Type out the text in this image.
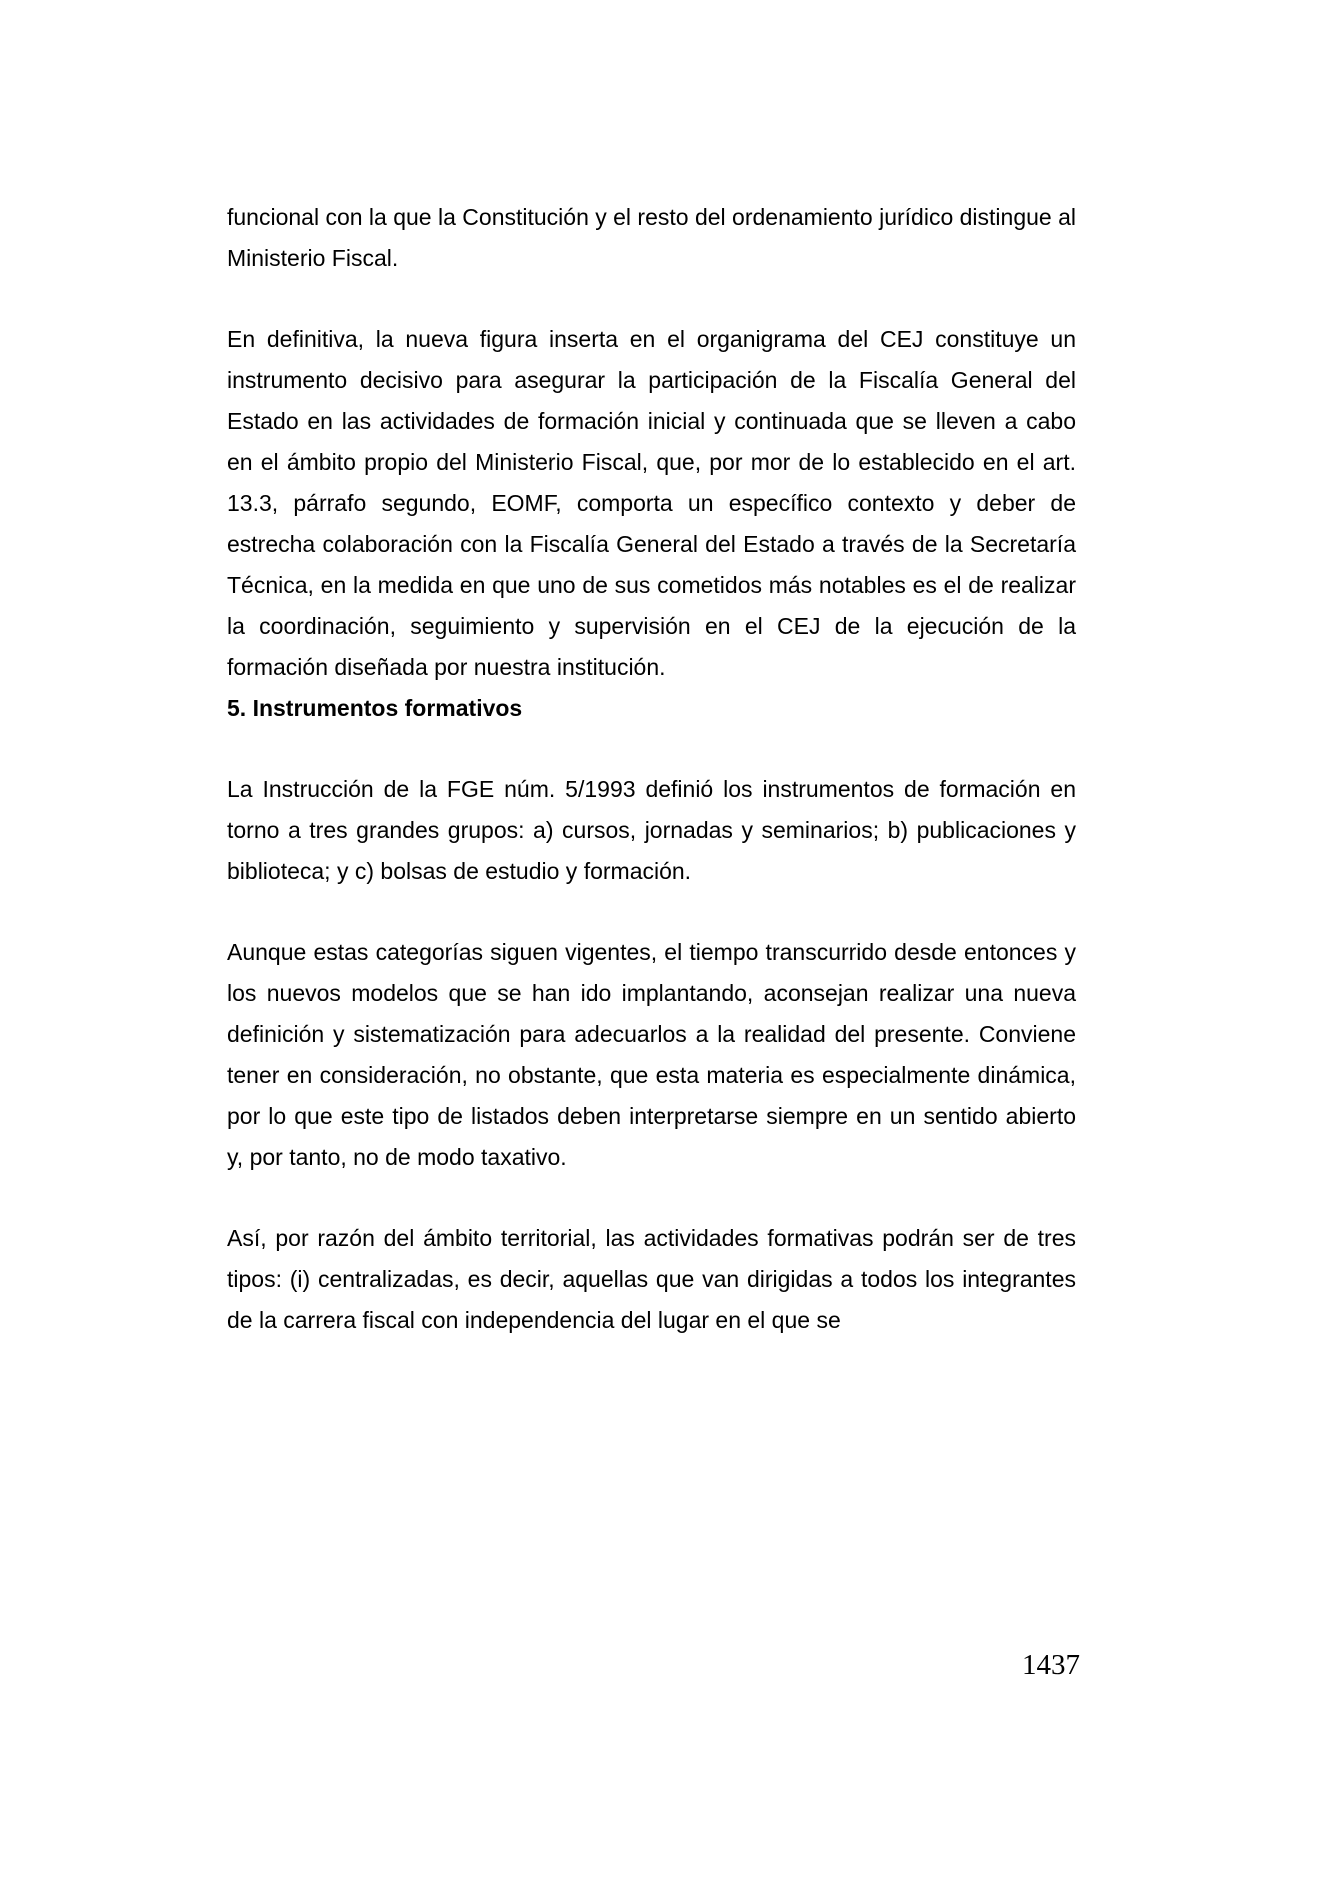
funcional con la que la Constitución y el resto del ordenamiento jurídico distingue al Ministerio Fiscal.

En definitiva, la nueva figura inserta en el organigrama del CEJ constituye un instrumento decisivo para asegurar la participación de la Fiscalía General del Estado en las actividades de formación inicial y continuada que se lleven a cabo en el ámbito propio del Ministerio Fiscal, que, por mor de lo establecido en el art. 13.3, párrafo segundo, EOMF, comporta un específico contexto y deber de estrecha colaboración con la Fiscalía General del Estado a través de la Secretaría Técnica, en la medida en que uno de sus cometidos más notables es el de realizar la coordinación, seguimiento y supervisión en el CEJ de la ejecución de la formación diseñada por nuestra institución.

5. Instrumentos formativos

La Instrucción de la FGE núm. 5/1993 definió los instrumentos de formación en torno a tres grandes grupos: a) cursos, jornadas y seminarios; b) publicaciones y biblioteca; y c) bolsas de estudio y formación.

Aunque estas categorías siguen vigentes, el tiempo transcurrido desde entonces y los nuevos modelos que se han ido implantando, aconsejan realizar una nueva definición y sistematización para adecuarlos a la realidad del presente. Conviene tener en consideración, no obstante, que esta materia es especialmente dinámica, por lo que este tipo de listados deben interpretarse siempre en un sentido abierto y, por tanto, no de modo taxativo.

Así, por razón del ámbito territorial, las actividades formativas podrán ser de tres tipos: (i) centralizadas, es decir, aquellas que van dirigidas a todos los integrantes de la carrera fiscal con independencia del lugar en el que se

1437
